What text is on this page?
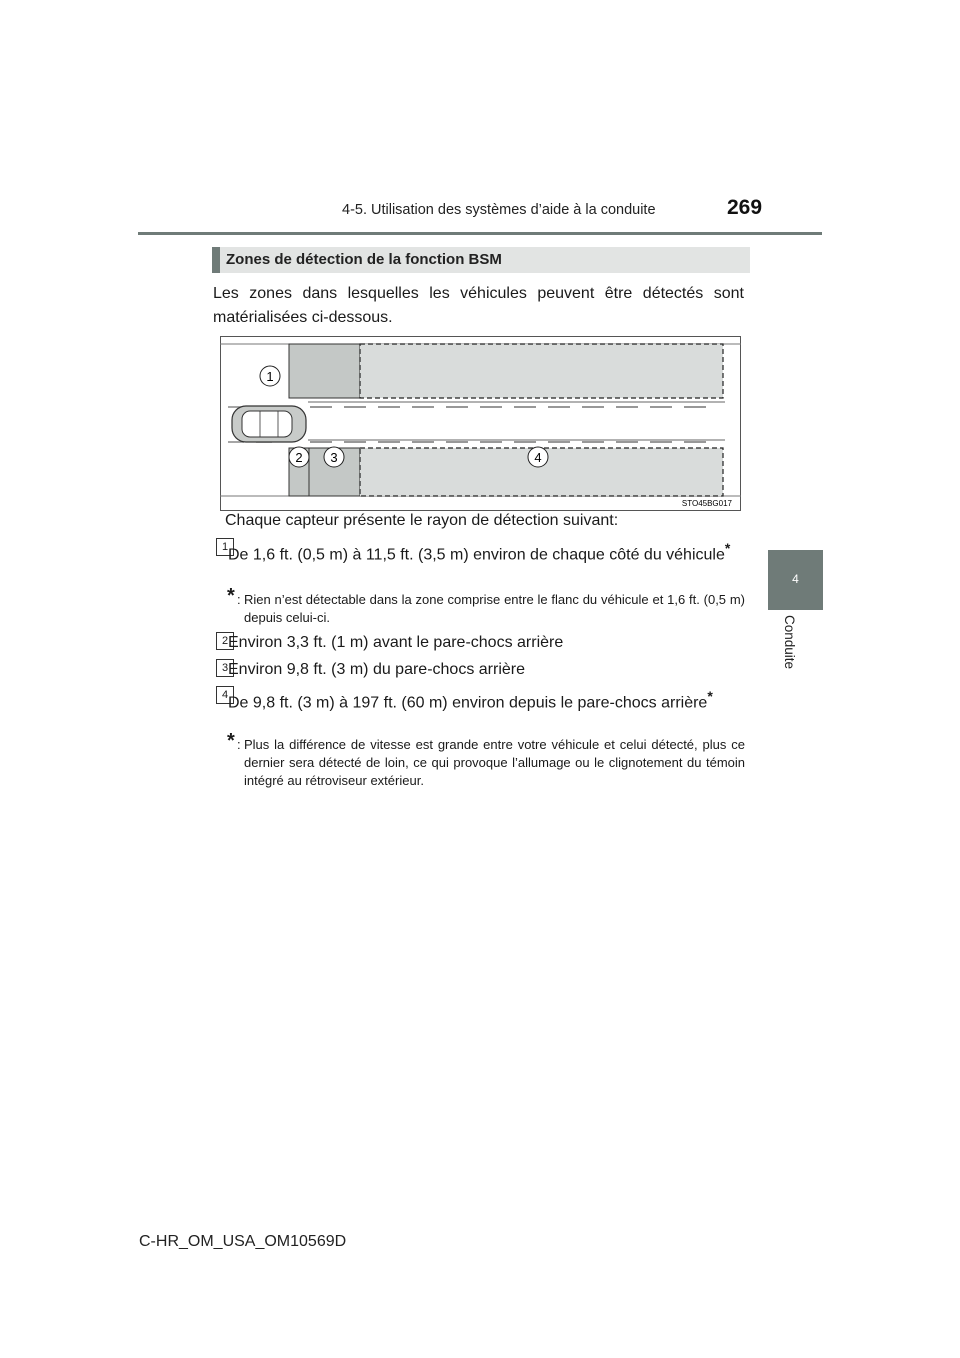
4-5. Utilisation des systèmes d’aide à la conduite	269
4
Conduite
Zones de détection de la fonction BSM
Les zones dans lesquelles les véhicules peuvent être détectés sont matérialisées ci-dessous.
1
2 3	4
STO45BG017
Chaque capteur présente le rayon de détection suivant:
1 De 1,6 ft. (0,5 m) à 11,5 ft. (3,5 m) environ de chaque côté du véhicule*
* : Rien n’est détectable dans la zone comprise entre le flanc du véhicule et 1,6 ft. (0,5 m) depuis celui-ci.
2 Environ 3,3 ft. (1 m) avant le pare-chocs arrière
3 Environ 9,8 ft. (3 m) du pare-chocs arrière
4 De 9,8 ft. (3 m) à 197 ft. (60 m) environ depuis le pare-chocs arrière*
* : Plus la différence de vitesse est grande entre votre véhicule et celui détecté, plus ce dernier sera détecté de loin, ce qui provoque l’allumage ou le clignotement du témoin intégré au rétroviseur extérieur.
C-HR_OM_USA_OM10569D
